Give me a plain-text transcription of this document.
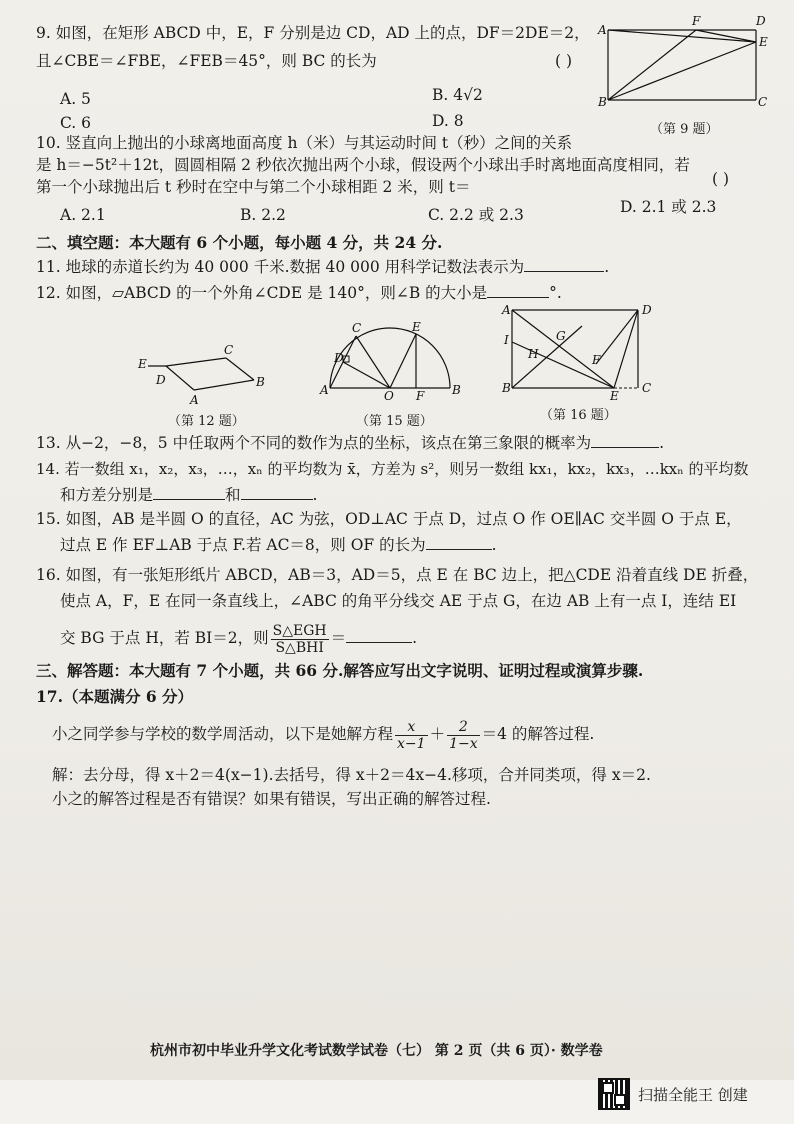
9. 如图，在矩形 ABCD 中，E，F 分别是边 CD，AD 上的点，DF＝2DE＝2，
且∠CBE＝∠FBE，∠FEB＝45°，则 BC 的长为	( )
A. 5	B. 4√2
C. 6	D. 8
A
F	D
E
B	C
（第 9 题）
10. 竖直向上抛出的小球离地面高度 h（米）与其运动时间 t（秒）之间的关系
是 h＝−5t²＋12t，圆圆相隔 2 秒依次抛出两个小球，假设两个小球出手时离地面高度相同，若
第一个小球抛出后 t 秒时在空中与第二个小球相距 2 米，则 t＝	( )
A. 2.1	B. 2.2	C. 2.2 或 2.3	D. 2.1 或 2.3
二、填空题：本大题有 6 个小题，每小题 4 分，共 24 分.
11. 地球的赤道长约为 40 000 千米.数据 40 000 用科学记数法表示为	.
12. 如图，▱ABCD 的一个外角∠CDE 是 140°，则∠B 的大小是	°.
E
D
C
B
A
（第 12 题）
C
D
E
A	O F B
（第 15 题）
A	D
I	G
H	F
B
E
C
（第 16 题）
13. 从−2，−8，5 中任取两个不同的数作为点的坐标，该点在第三象限的概率为	.
14. 若一数组 x₁，x₂，x₃，…，xₙ 的平均数为 x̄，方差为 s²，则另一数组 kx₁，kx₂，kx₃，…kxₙ 的平均数
和方差分别是	和	.
15. 如图，AB 是半圆 O 的直径，AC 为弦，OD⊥AC 于点 D，过点 O 作 OE∥AC 交半圆 O 于点 E，
过点 E 作 EF⊥AB 于点 F.若 AC＝8，则 OF 的长为	.
16. 如图，有一张矩形纸片 ABCD，AB＝3，AD＝5，点 E 在 BC 边上，把△CDE 沿着直线 DE 折叠，
使点 A，F，E 在同一条直线上，∠ABC 的角平分线交 AE 于点 G，在边 AB 上有一点 I，连结 EI
交 BG 于点 H，若 BI＝2，则 $\frac{\text{S△EGH}}{\text{S△BHI}}$ ＝	.
三、解答题：本大题有 7 个小题，共 66 分.解答应写出文字说明、证明过程或演算步骤.
17.（本题满分 6 分）
小之同学参与学校的数学周活动，以下是她解方程 $\frac{x}{x-1} + \frac{2}{1-x} =4$ 的解答过程.
解：去分母，得 x＋2＝4(x−1).去括号，得 x＋2＝4x−4.移项，合并同类项，得 x＝2.
小之的解答过程是否有错误？如果有错误，写出正确的解答过程.
杭州市初中毕业升学文化考试数学试卷（七） 第 2 页（共 6 页）· 数学卷
扫描全能王 创建
